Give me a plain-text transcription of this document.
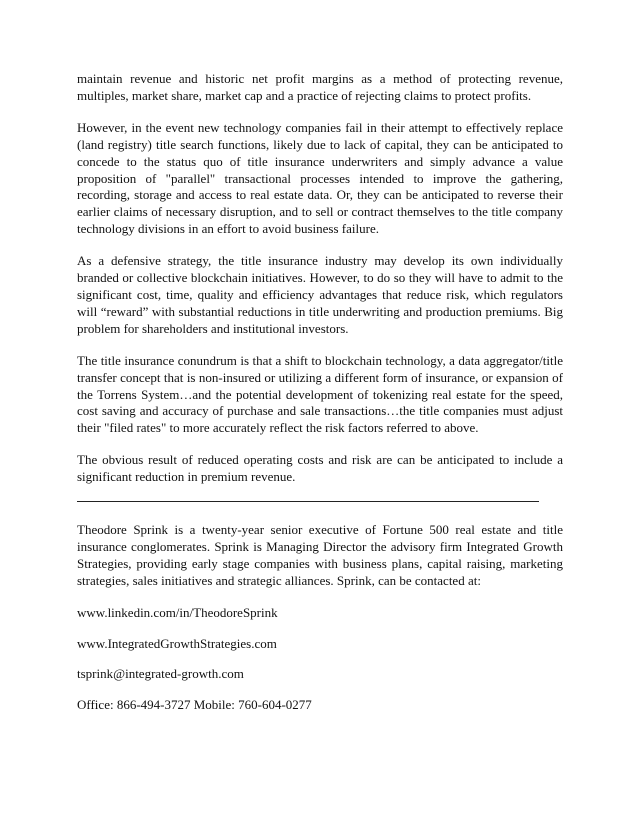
maintain revenue and historic net profit margins as a method of protecting revenue, multiples, market share, market cap and a practice of rejecting claims to protect profits.

However, in the event new technology companies fail in their attempt to effectively replace (land registry) title search functions, likely due to lack of capital, they can be anticipated to concede to the status quo of title insurance underwriters and simply advance a value proposition of "parallel" transactional processes intended to improve the gathering, recording, storage and access to real estate data. Or, they can be anticipated to reverse their earlier claims of necessary disruption, and to sell or contract themselves to the title company technology divisions in an effort to avoid business failure.

As a defensive strategy, the title insurance industry may develop its own individually branded or collective blockchain initiatives. However, to do so they will have to admit to the significant cost, time, quality and efficiency advantages that reduce risk, which regulators will “reward” with substantial reductions in title underwriting and production premiums. Big problem for shareholders and institutional investors.

The title insurance conundrum is that a shift to blockchain technology, a data aggregator/title transfer concept that is non-insured or utilizing a different form of insurance, or expansion of the Torrens System…and the potential development of tokenizing real estate for the speed, cost saving and accuracy of purchase and sale transactions…the title companies must adjust their "filed rates" to more accurately reflect the risk factors referred to above.

The obvious result of reduced operating costs and risk are can be anticipated to include a significant reduction in premium revenue.

Theodore Sprink is a twenty-year senior executive of Fortune 500 real estate and title insurance conglomerates. Sprink is Managing Director the advisory firm Integrated Growth Strategies, providing early stage companies with business plans, capital raising, marketing strategies, sales initiatives and strategic alliances. Sprink, can be contacted at:

www.linkedin.com/in/TheodoreSprink

www.IntegratedGrowthStrategies.com

tsprink@integrated-growth.com

Office: 866-494-3727 Mobile: 760-604-0277
